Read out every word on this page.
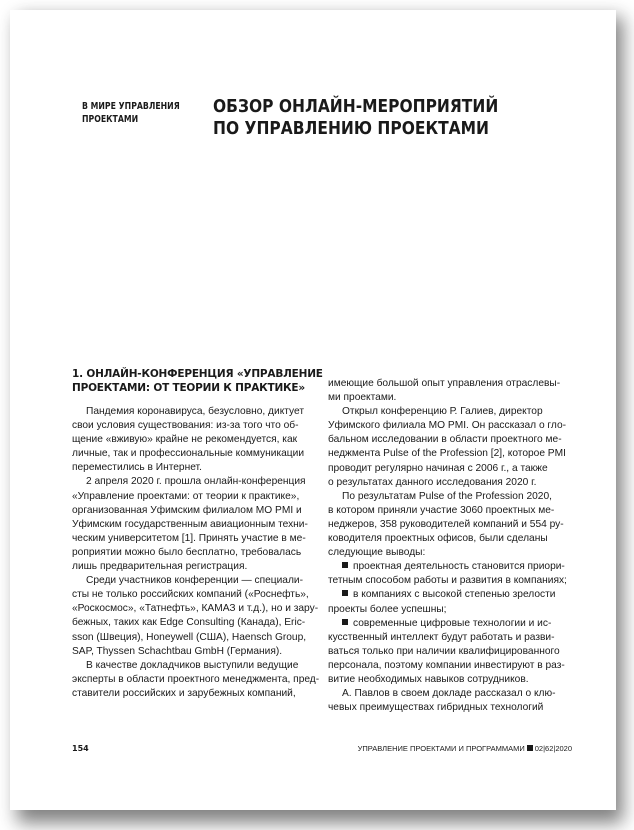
В МИРЕ УПРАВЛЕНИЯ
ПРОЕКТАМИ
ОБЗОР ОНЛАЙН-МЕРОПРИЯТИЙ
ПО УПРАВЛЕНИЮ ПРОЕКТАМИ
1. ОНЛАЙН-КОНФЕРЕНЦИЯ «УПРАВЛЕНИЕ
ПРОЕКТАМИ: ОТ ТЕОРИИ К ПРАКТИКЕ»

Пандемия коронавируса, безусловно, диктует
свои условия существования: из-за того что об-
щение «вживую» крайне не рекомендуется, как
личные, так и профессиональные коммуникации
переместились в Интернет.

2 апреля 2020 г. прошла онлайн-конференция
«Управление проектами: от теории к практике»,
организованная Уфимским филиалом МО PMI и
Уфимским государственным авиационным техни-
ческим университетом [1]. Принять участие в ме-
роприятии можно было бесплатно, требовалась
лишь предварительная регистрация.

Среди участников конференции — специали-
сты не только российских компаний («Роснефть»,
«Роскосмос», «Татнефть», КАМАЗ и т.д.), но и зару-
бежных, таких как Edge Consulting (Канада), Eric-
sson (Швеция), Honeywell (США), Haensch Group,
SAP, Thyssen Schachtbau GmbH (Германия).

В качестве докладчиков выступили ведущие
эксперты в области проектного менеджмента, пред-
ставители российских и зарубежных компаний,

имеющие большой опыт управления отраслевы-
ми проектами.

Открыл конференцию Р. Галиев, директор
Уфимского филиала МО PMI. Он рассказал о гло-
бальном исследовании в области проектного ме-
неджмента Pulse of the Profession [2], которое PMI
проводит регулярно начиная с 2006 г., а также
о результатах данного исследования 2020 г.

По результатам Pulse of the Profession 2020,
в котором приняли участие 3060 проектных ме-
неджеров, 358 руководителей компаний и 554 ру-
ководителя проектных офисов, были сделаны
следующие выводы:

проектная деятельность становится приори-
тетным способом работы и развития в компаниях;

в компаниях с высокой степенью зрелости
проекты более успешны;

современные цифровые технологии и ис-
кусственный интеллект будут работать и разви-
ваться только при наличии квалифицированного
персонала, поэтому компании инвестируют в раз-
витие необходимых навыков сотрудников.

А. Павлов в своем докладе рассказал о клю-
чевых преимуществах гибридных технологий

154	УПРАВЛЕНИЕ ПРОЕКТАМИ И ПРОГРАММАМИ 02|62|2020
